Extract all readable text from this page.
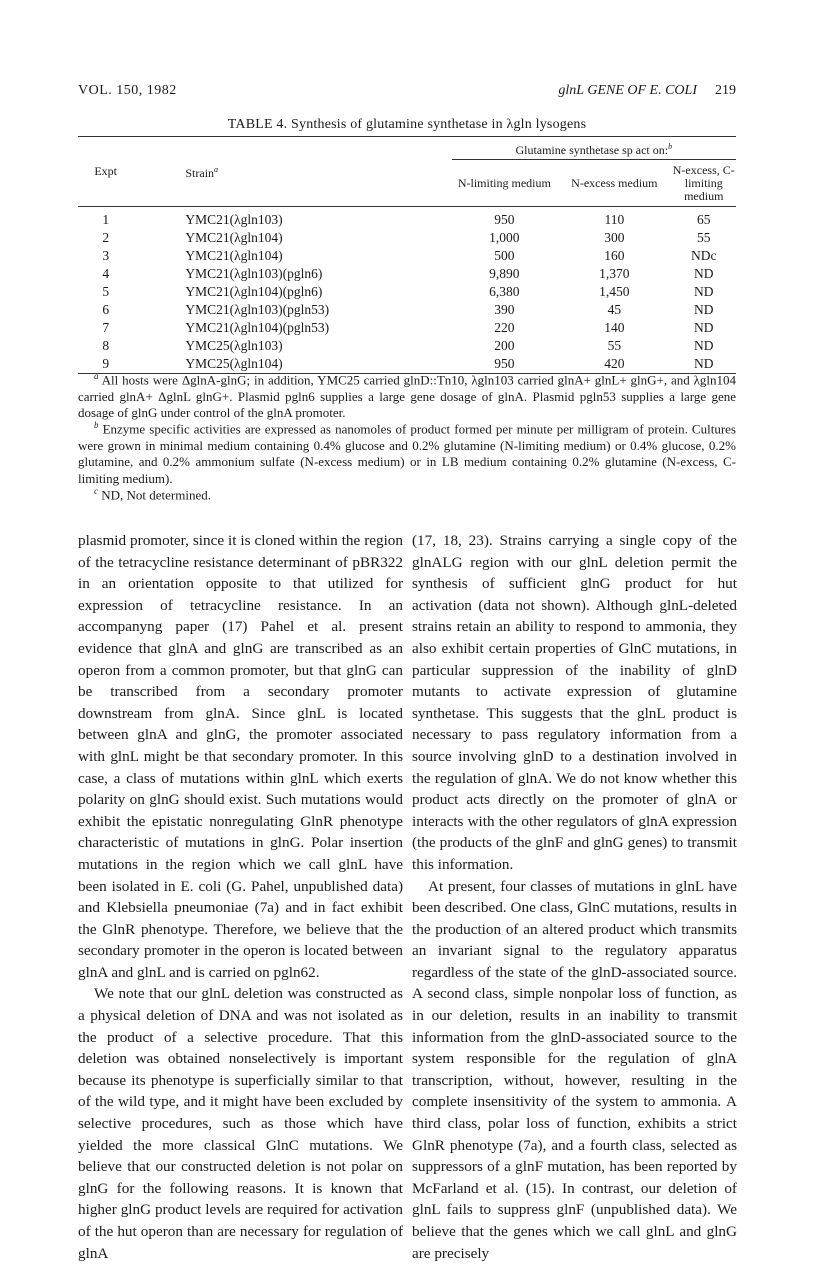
VOL. 150, 1982	glnL GENE OF E. COLI 219
TABLE 4. Synthesis of glutamine synthetase in λgln lysogens
Expt	Strain$^a$	Glutamine synthetase sp act on:$^b$
		N-limiting medium	N-excess medium	N-excess, C-limiting medium
1	YMC21(λgln103)	950	110	65
2	YMC21(λgln104)	1,000	300	55
3	YMC21(λgln104)	500	160	NDc
4	YMC21(λgln103)(pgln6)	9,890	1,370	ND
5	YMC21(λgln104)(pgln6)	6,380	1,450	ND
6	YMC21(λgln103)(pgln53)	390	45	ND
7	YMC21(λgln104)(pgln53)	220	140	ND
8	YMC25(λgln103)	200	55	ND
9	YMC25(λgln104)	950	420	ND
$^a$ All hosts were ΔglnA-glnG; in addition, YMC25 carried glnD::Tn10, λgln103 carried glnA+ glnL+ glnG+, and λgln104 carried glnA+ ΔglnL glnG+. Plasmid pgln6 supplies a large gene dosage of glnA. Plasmid pgln53 supplies a large gene dosage of glnG under control of the glnA promoter.
$^b$ Enzyme specific activities are expressed as nanomoles of product formed per minute per milligram of protein. Cultures were grown in minimal medium containing 0.4% glucose and 0.2% glutamine (N-limiting medium) or 0.4% glucose, 0.2% glutamine, and 0.2% ammonium sulfate (N-excess medium) or in LB medium containing 0.2% glutamine (N-excess, C-limiting medium).
$^c$ ND, Not determined.

plasmid promoter, since it is cloned within the region of the tetracycline resistance determinant of pBR322 in an orientation opposite to that utilized for expression of tetracycline resistance. In an accompanyng paper (17) Pahel et al. present evidence that glnA and glnG are transcribed as an operon from a common promoter, but that glnG can be transcribed from a secondary promoter downstream from glnA. Since glnL is located between glnA and glnG, the promoter associated with glnL might be that secondary promoter. In this case, a class of mutations within glnL which exerts polarity on glnG should exist. Such mutations would exhibit the epistatic nonregulating GlnR phenotype characteristic of mutations in glnG. Polar insertion mutations in the region which we call glnL have been isolated in E. coli (G. Pahel, unpublished data) and Klebsiella pneumoniae (7a) and in fact exhibit the GlnR phenotype. Therefore, we believe that the secondary promoter in the operon is located between glnA and glnL and is carried on pgln62.

We note that our glnL deletion was constructed as a physical deletion of DNA and was not isolated as the product of a selective procedure. That this deletion was obtained nonselectively is important because its phenotype is superficially similar to that of the wild type, and it might have been excluded by selective procedures, such as those which have yielded the more classical GlnC mutations. We believe that our constructed deletion is not polar on glnG for the following reasons. It is known that higher glnG product levels are required for activation of the hut operon than are necessary for regulation of glnA

(17, 18, 23). Strains carrying a single copy of the glnALG region with our glnL deletion permit the synthesis of sufficient glnG product for hut activation (data not shown). Although glnL-deleted strains retain an ability to respond to ammonia, they also exhibit certain properties of GlnC mutations, in particular suppression of the inability of glnD mutants to activate expression of glutamine synthetase. This suggests that the glnL product is necessary to pass regulatory information from a source involving glnD to a destination involved in the regulation of glnA. We do not know whether this product acts directly on the promoter of glnA or interacts with the other regulators of glnA expression (the products of the glnF and glnG genes) to transmit this information.

At present, four classes of mutations in glnL have been described. One class, GlnC mutations, results in the production of an altered product which transmits an invariant signal to the regulatory apparatus regardless of the state of the glnD-associated source. A second class, simple nonpolar loss of function, as in our deletion, results in an inability to transmit information from the glnD-associated source to the system responsible for the regulation of glnA transcription, without, however, resulting in the complete insensitivity of the system to ammonia. A third class, polar loss of function, exhibits a strict GlnR phenotype (7a), and a fourth class, selected as suppressors of a glnF mutation, has been reported by McFarland et al. (15). In contrast, our deletion of glnL fails to suppress glnF (unpublished data). We believe that the genes which we call glnL and glnG are precisely
